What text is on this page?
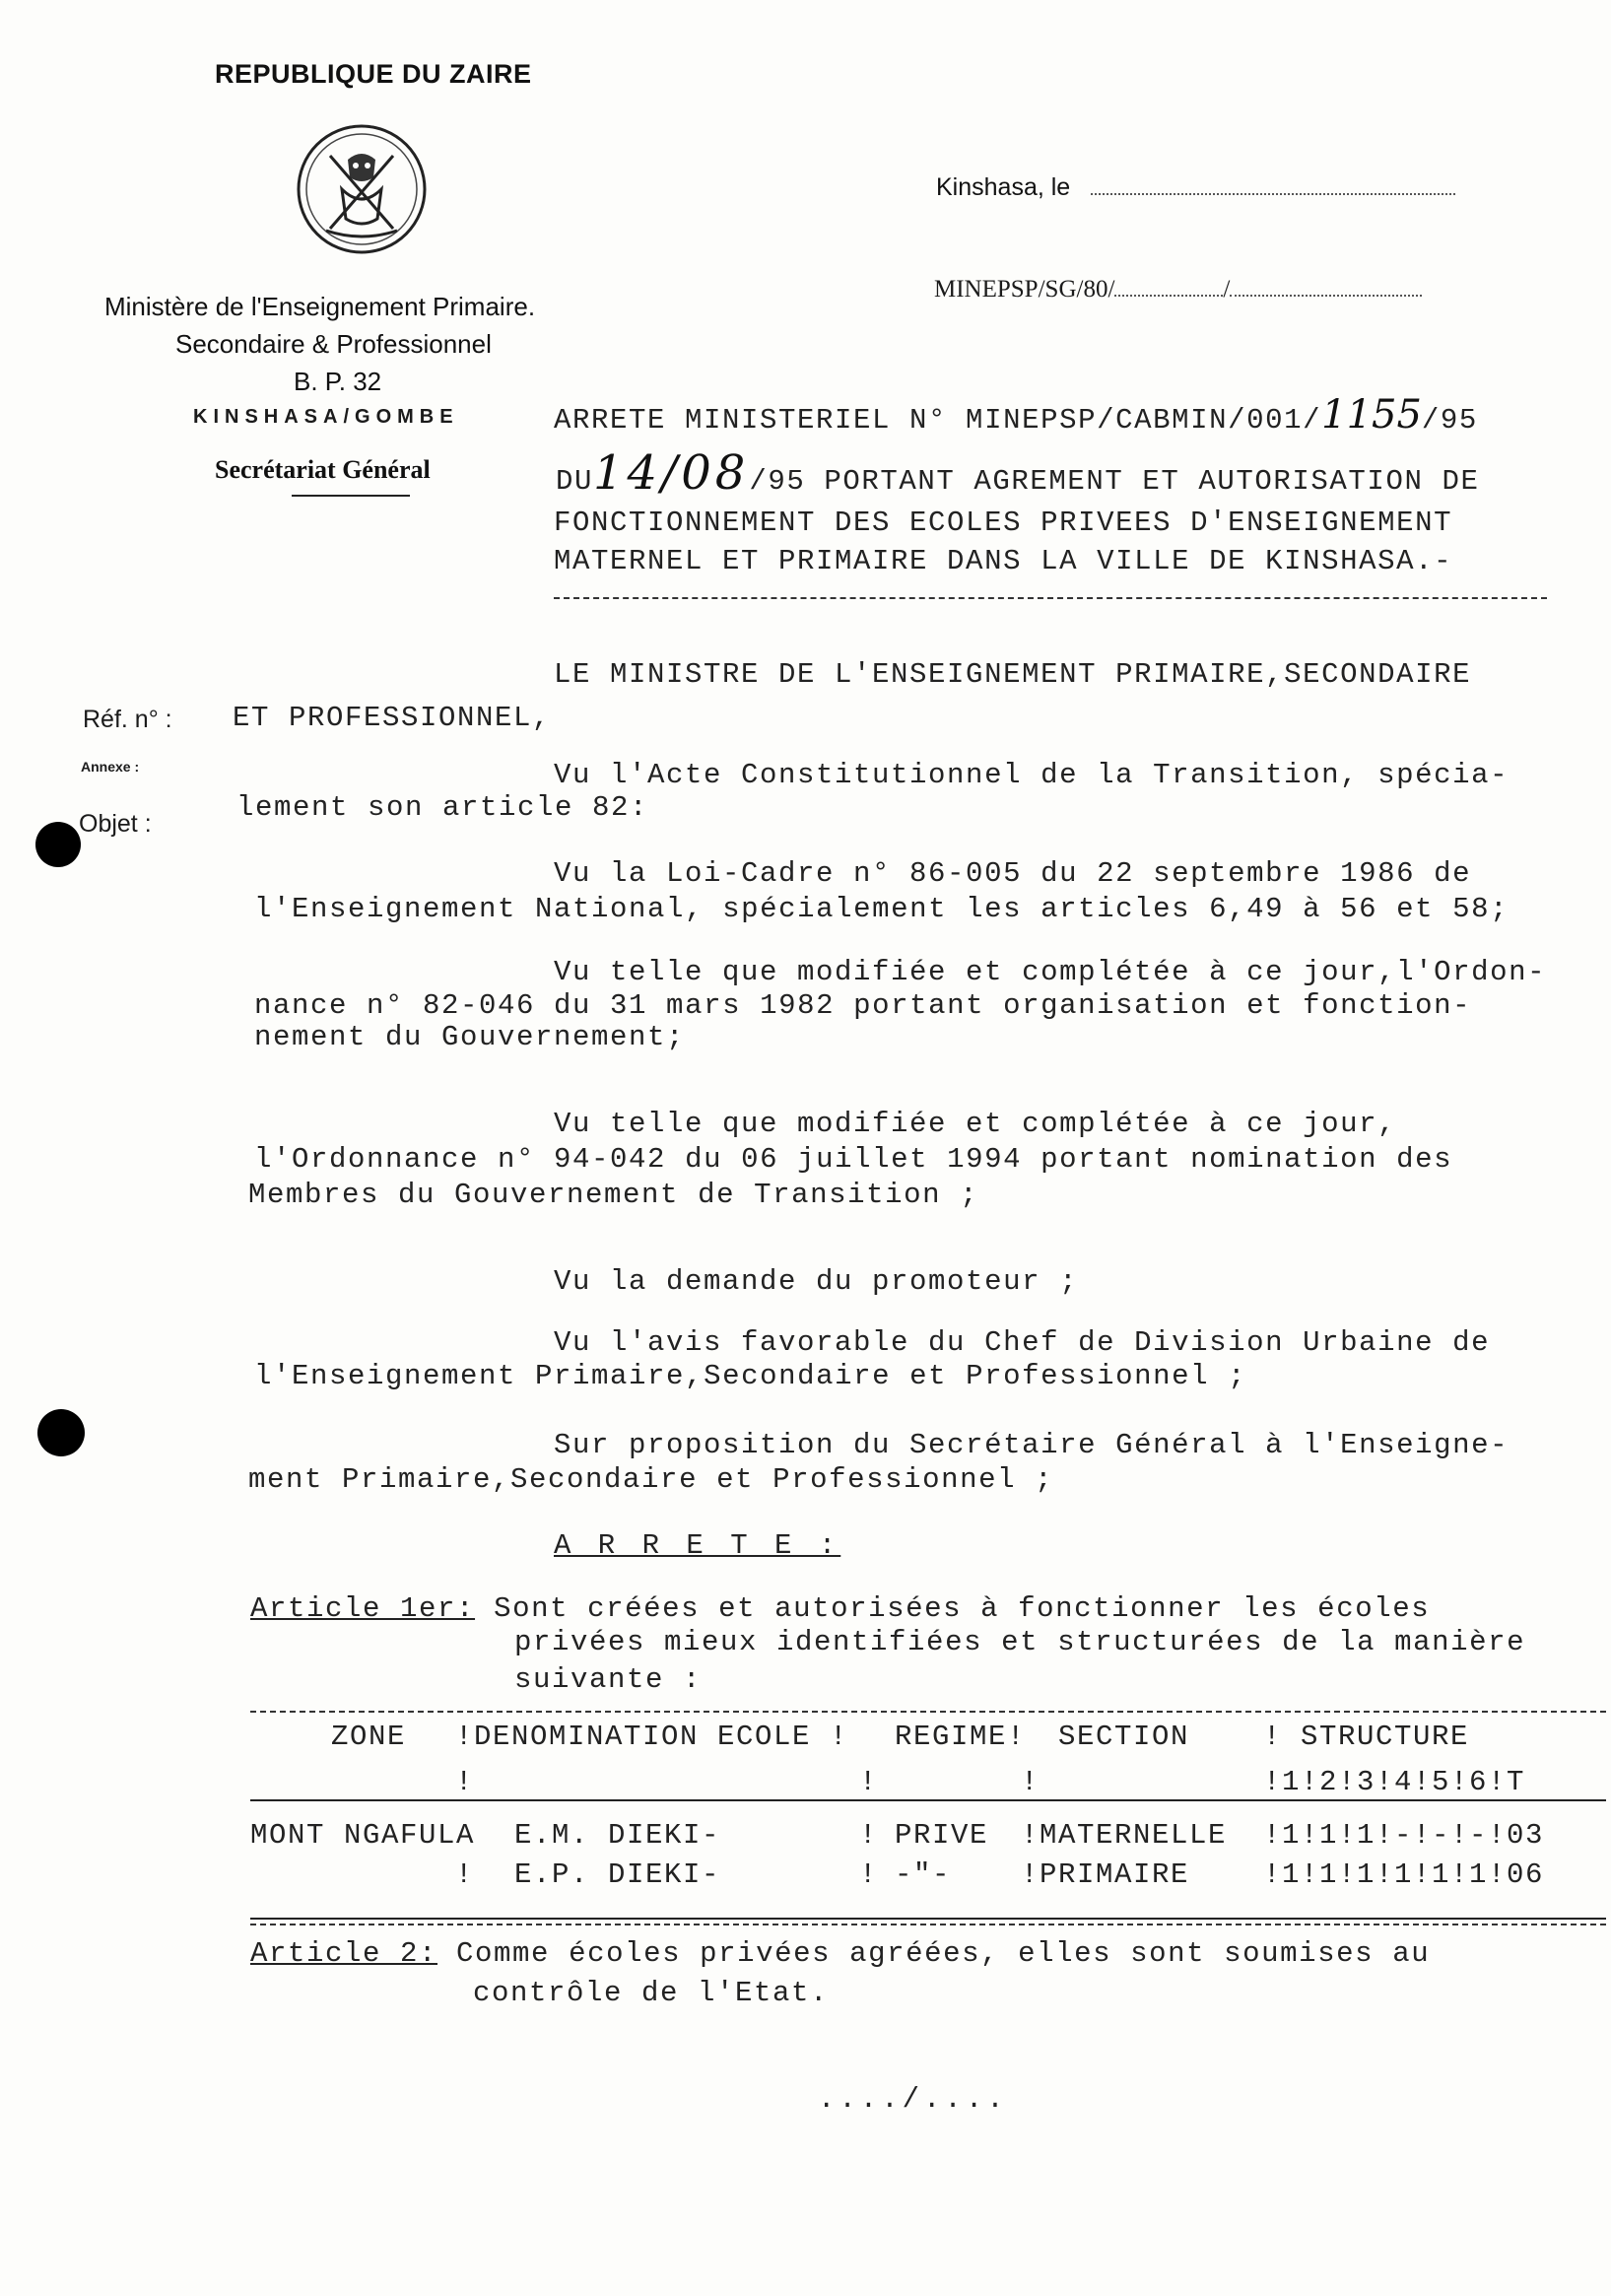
REPUBLIQUE DU ZAIRE
Ministère de l'Enseignement Primaire.
Secondaire & Professionnel
B. P. 32
KINSHASA/GOMBE
Secrétariat Général
Kinshasa, le
MINEPSP/SG/80/	/
Réf. n° :
Annexe :
Objet :
ARRETE MINISTERIEL N° MINEPSP/CABMIN/001/1155/95
DU14/08/95 PORTANT AGREMENT ET AUTORISATION DE
FONCTIONNEMENT DES ECOLES PRIVEES D'ENSEIGNEMENT
MATERNEL ET PRIMAIRE DANS LA VILLE DE KINSHASA.-
LE MINISTRE DE L'ENSEIGNEMENT PRIMAIRE,SECONDAIRE
ET PROFESSIONNEL,
Vu l'Acte Constitutionnel de la Transition, spécia-
lement son article 82:
Vu la Loi-Cadre n° 86-005 du 22 septembre 1986 de
l'Enseignement National, spécialement les articles 6,49 à 56 et 58;
Vu telle que modifiée et complétée à ce jour,l'Ordon-
nance n° 82-046 du 31 mars 1982 portant organisation et fonction-
nement du Gouvernement;
Vu telle que modifiée et complétée à ce jour,
l'Ordonnance n° 94-042 du 06 juillet 1994 portant nomination des
Membres du Gouvernement de Transition ;
Vu la demande du promoteur ;
Vu l'avis favorable du Chef de Division Urbaine de
l'Enseignement Primaire,Secondaire et Professionnel ;
Sur proposition du Secrétaire Général à l'Enseigne-
ment Primaire,Secondaire et Professionnel ;
A R R E T E :
Article 1er: Sont créées et autorisées à fonctionner les écoles
privées mieux identifiées et structurées de la manière
suivante :
ZONE !DENOMINATION ECOLE ! REGIME! SECTION	! STRUCTURE
!	!	!	!1!2!3!4!5!6!T
MONT NGAFULA E.M. DIEKI-	! PRIVE !MATERNELLE !1!1!1!-!-!-!03
! E.P. DIEKI-	! -"- !PRIMAIRE	!1!1!1!1!1!1!06
Article 2: Comme écoles privées agréées, elles sont soumises au
contrôle de l'Etat.
..../....
